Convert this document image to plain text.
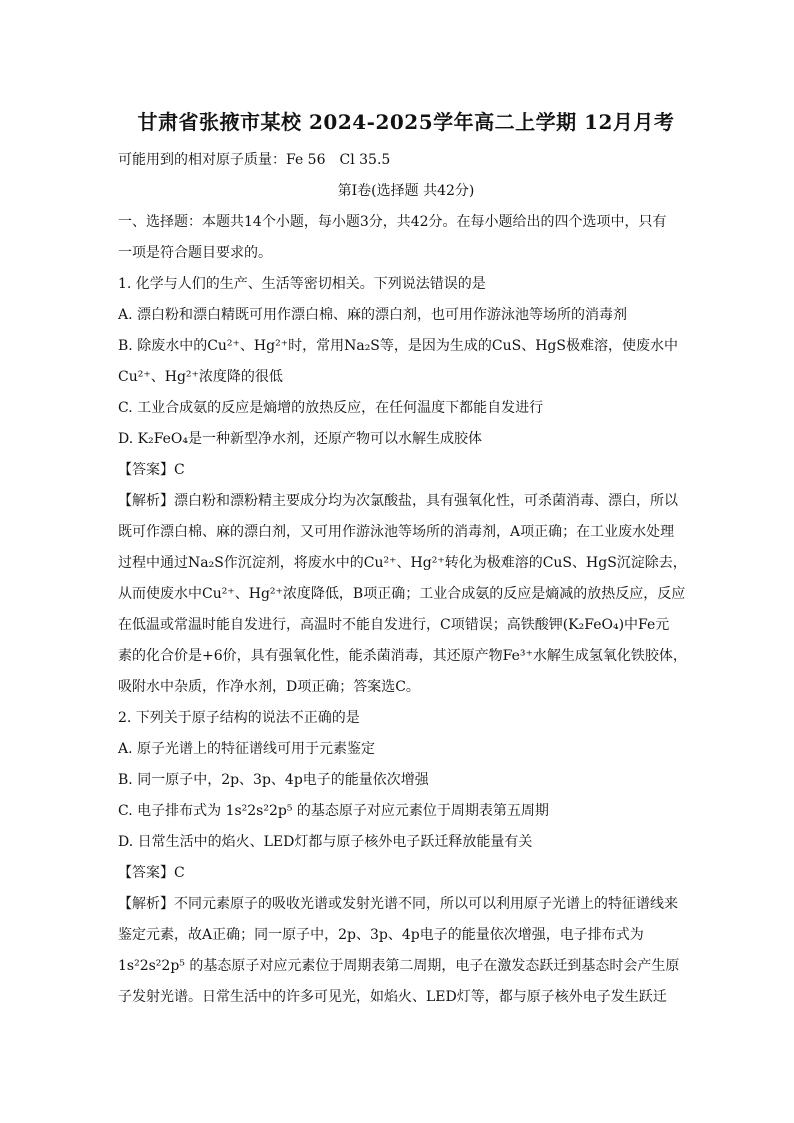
甘肃省张掖市某校 2024-2025学年高二上学期 12月月考
可能用到的相对原子质量：Fe 56　Cl 35.5
第Ⅰ卷(选择题 共42分)
一、选择题：本题共14个小题，每小题3分，共42分。在每小题给出的四个选项中，只有
一项是符合题目要求的。
1. 化学与人们的生产、生活等密切相关。下列说法错误的是
A. 漂白粉和漂白精既可用作漂白棉、麻的漂白剂，也可用作游泳池等场所的消毒剂
B. 除废水中的Cu²⁺、Hg²⁺时，常用Na₂S等，是因为生成的CuS、HgS极难溶，使废水中
Cu²⁺、Hg²⁺浓度降的很低
C. 工业合成氨的反应是熵增的放热反应，在任何温度下都能自发进行
D. K₂FeO₄是一种新型净水剂，还原产物可以水解生成胶体
【答案】C
【解析】漂白粉和漂粉精主要成分均为次氯酸盐，具有强氧化性，可杀菌消毒、漂白，所以
既可作漂白棉、麻的漂白剂，又可用作游泳池等场所的消毒剂，A项正确；在工业废水处理
过程中通过Na₂S作沉淀剂，将废水中的Cu²⁺、Hg²⁺转化为极难溶的CuS、HgS沉淀除去，
从而使废水中Cu²⁺、Hg²⁺浓度降低，B项正确；工业合成氨的反应是熵减的放热反应，反应
在低温或常温时能自发进行，高温时不能自发进行，C项错误；高铁酸钾(K₂FeO₄)中Fe元
素的化合价是+6价，具有强氧化性，能杀菌消毒，其还原产物Fe³⁺水解生成氢氧化铁胶体，
吸附水中杂质，作净水剂，D项正确；答案选C。
2. 下列关于原子结构的说法不正确的是
A. 原子光谱上的特征谱线可用于元素鉴定
B. 同一原子中，2p、3p、4p电子的能量依次增强
C. 电子排布式为 1s²2s²2p⁵ 的基态原子对应元素位于周期表第五周期
D. 日常生活中的焰火、LED灯都与原子核外电子跃迁释放能量有关
【答案】C
【解析】不同元素原子的吸收光谱或发射光谱不同，所以可以利用原子光谱上的特征谱线来
鉴定元素，故A正确；同一原子中，2p、3p、4p电子的能量依次增强，电子排布式为
1s²2s²2p⁵ 的基态原子对应元素位于周期表第二周期，电子在激发态跃迁到基态时会产生原
子发射光谱。日常生活中的许多可见光，如焰火、LED灯等，都与原子核外电子发生跃迁
